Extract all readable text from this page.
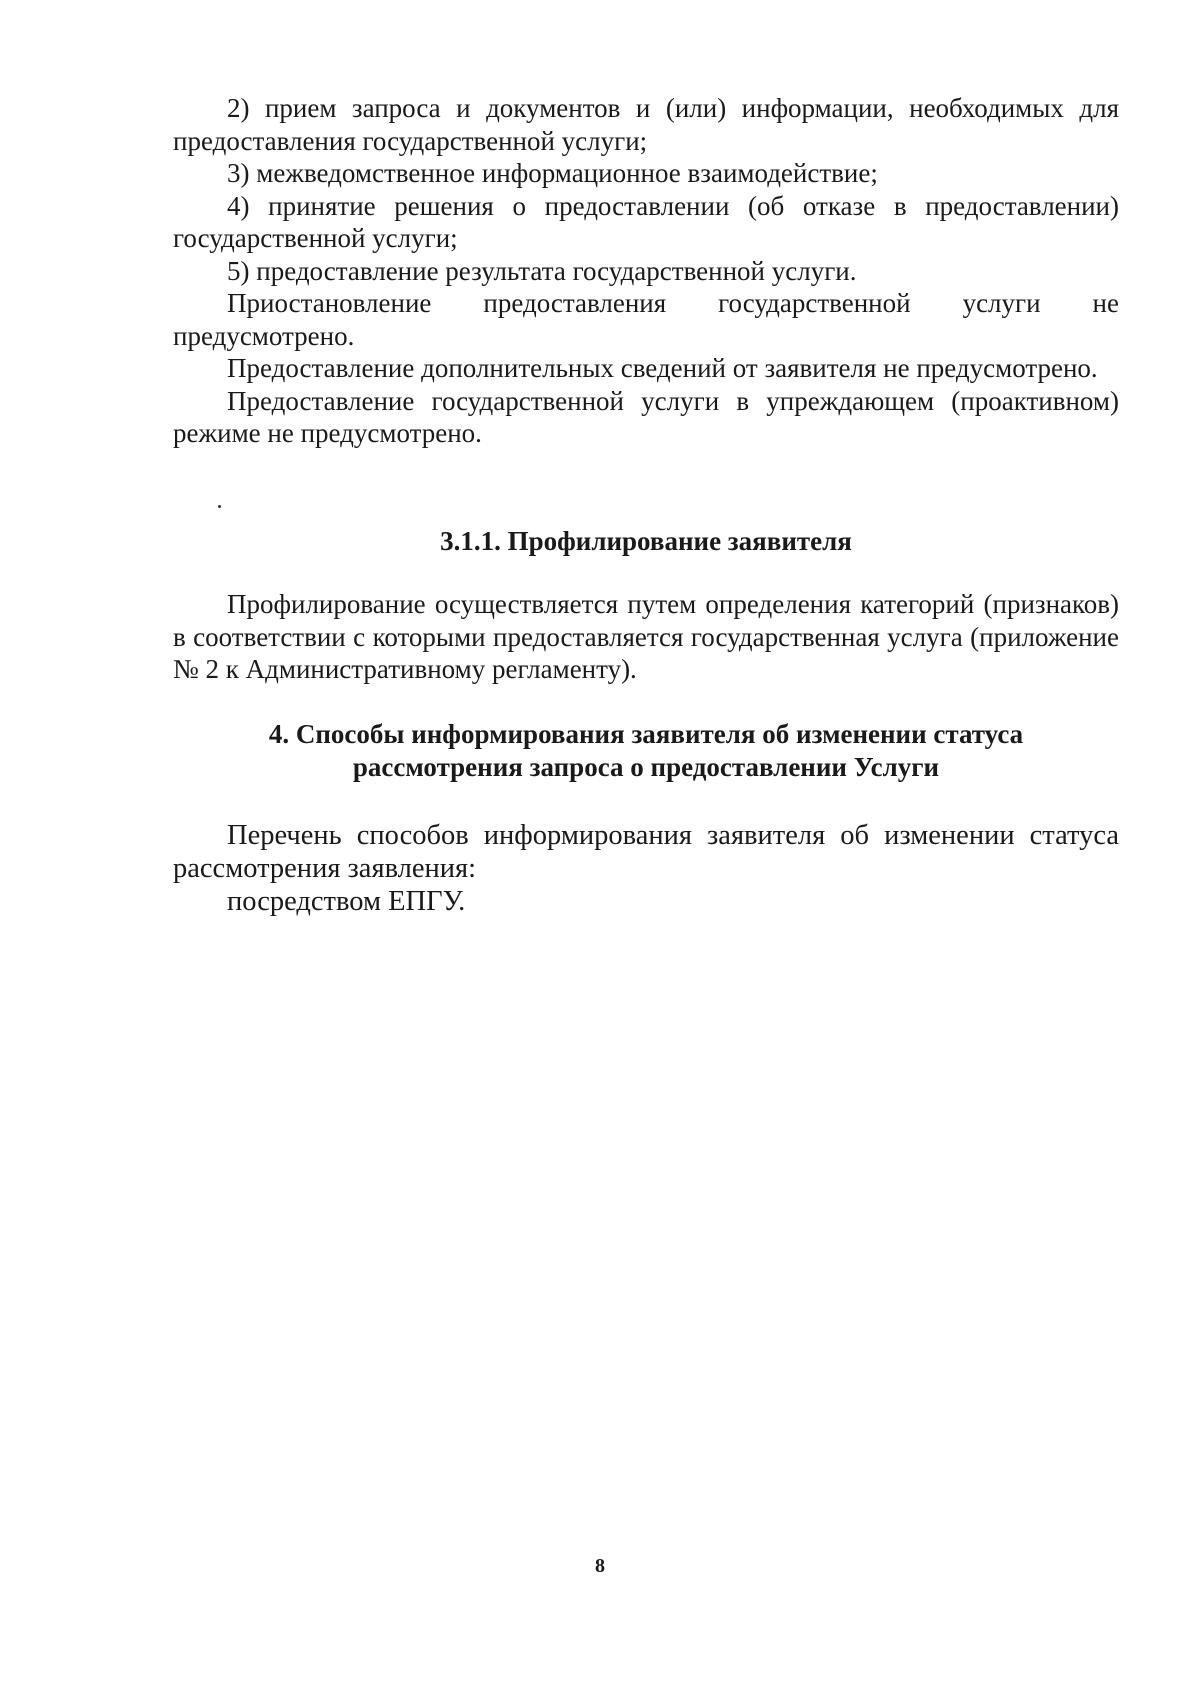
2) прием запроса и документов и (или) информации, необходимых для предоставления государственной услуги;

3) межведомственное информационное взаимодействие;

4) принятие решения о предоставлении (об отказе в предоставлении) государственной услуги;

5) предоставление результата государственной услуги.

Приостановление предоставления государственной услуги не предусмотрено.

Предоставление дополнительных сведений от заявителя не предусмотрено.

Предоставление государственной услуги в упреждающем (проактивном) режиме не предусмотрено.

3.1.1. Профилирование заявителя

Профилирование осуществляется путем определения категорий (признаков) в соответствии с которыми предоставляется государственная услуга (приложение № 2 к Административному регламенту).

4. Способы информирования заявителя об изменении статуса
рассмотрения запроса о предоставлении Услуги

Перечень способов информирования заявителя об изменении статуса рассмотрения заявления:

посредством ЕПГУ.

8
